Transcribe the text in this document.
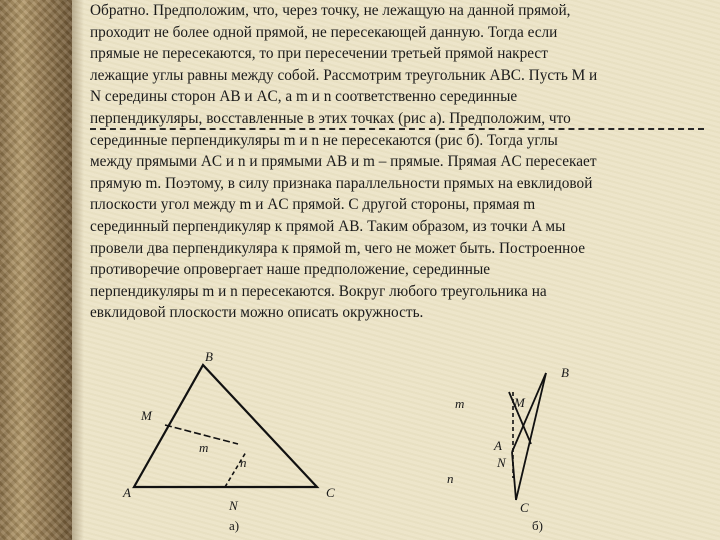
Обратно. Предположим, что, через точку, не лежащую на данной прямой,

проходит не более одной прямой, не пересекающей данную. Тогда если

прямые не пересекаются, то при пересечении третьей прямой накрест

лежащие углы равны между собой. Рассмотрим треугольник ABC. Пусть M и

N середины сторон AB и AC, а m и n соответственно серединные

перпендикуляры, восставленные в этих точках (рис а). Предположим, что

серединные перпендикуляры m и n не пересекаются (рис б). Тогда углы

между прямыми AC и n и прямыми AB и m – прямые. Прямая AC пересекает

прямую m. Поэтому, в силу признака параллельности прямых на евклидовой

плоскости угол между m и AC прямой. С другой стороны, прямая m

серединный перпендикуляр к прямой AB. Таким образом, из точки A мы

провели два перпендикуляра к прямой m, чего не может быть. Построенное

противоречие опровергает наше предположение, серединные

перпендикуляры m и n пересекаются. Вокруг любого треугольника на

евклидовой плоскости можно описать окружность.

B
M
m
n
A	C
N
а)
B
m	M
A
N
n
C
б)
